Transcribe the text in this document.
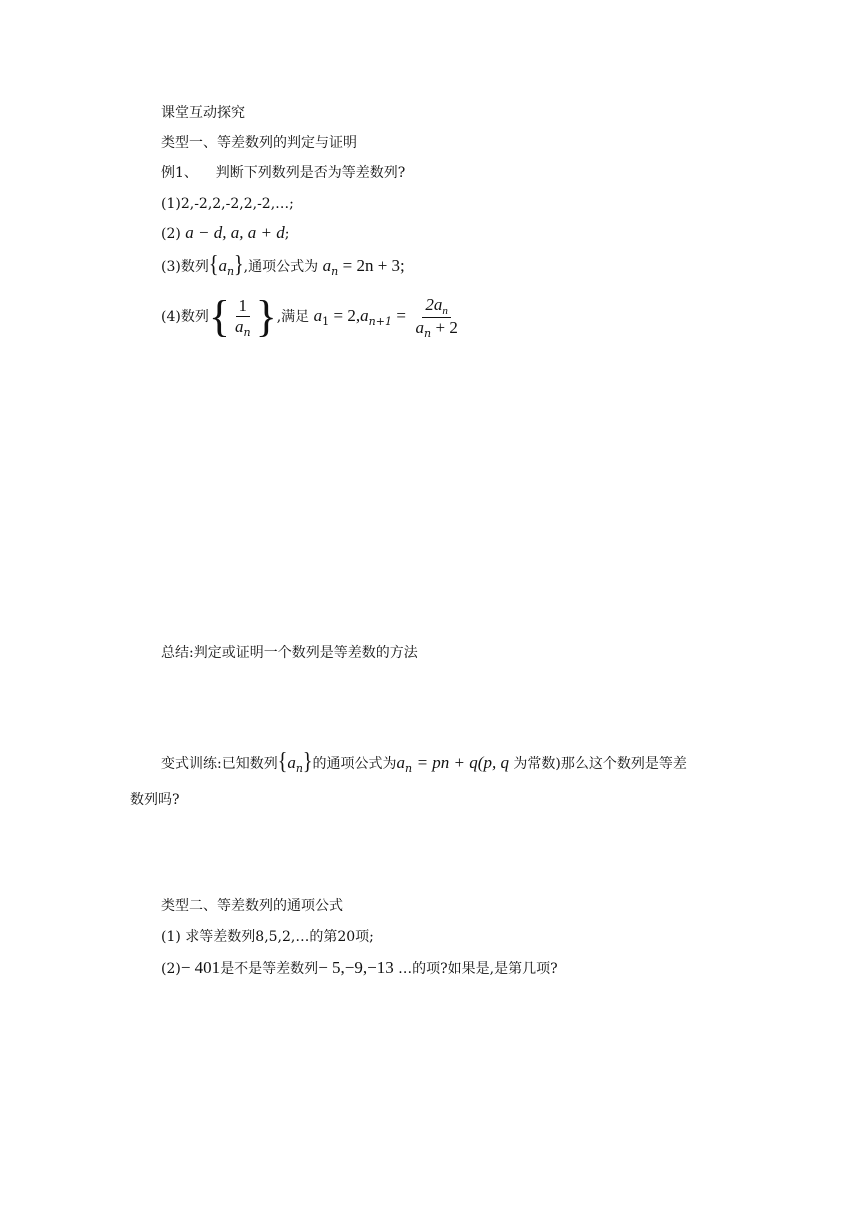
课堂互动探究
类型一、等差数列的判定与证明
例1、 判断下列数列是否为等差数列?
(1)2,-2,2,-2,2,-2,…;
(2) a − d, a, a + d;
(3)数列$\{a_n\}$,通项公式为 $a_n = 2n + 3$;
(4)数列{ $\frac{1}{a_n}$ },满足 $a_1 = 2,a_{n+1} = \frac{2a_n}{a_n + 2}$
总结:判定或证明一个数列是等差数的方法
变式训练:已知数列$\{a_n\}$的通项公式为$a_n$ = pn + q(p, q 为常数)那么这个数列是等差
数列吗?
类型二、等差数列的通项公式
(1) 求等差数列8,5,2,…的第20项;
(2)− 401是不是等差数列− 5,−9,−13 …的项?如果是,是第几项?
